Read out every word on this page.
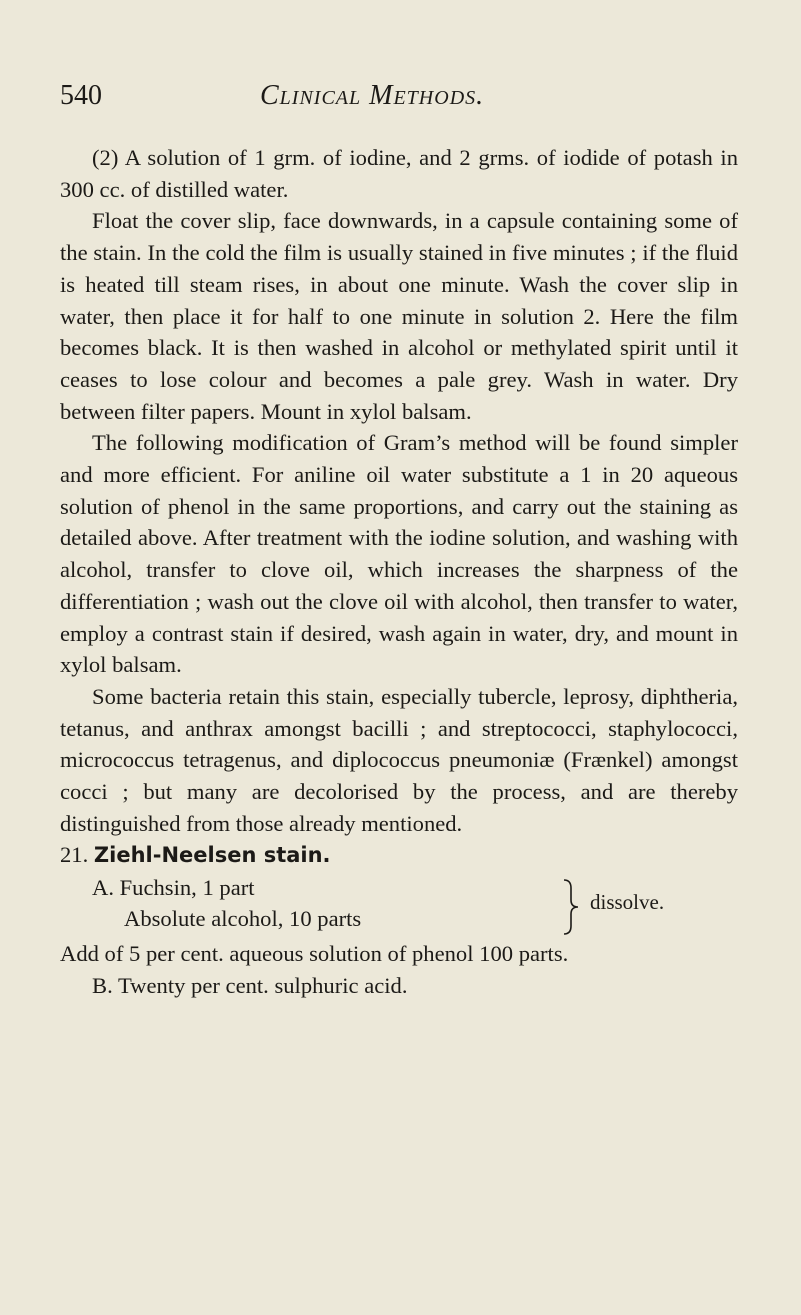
540	Clinical Methods.

(2) A solution of 1 grm. of iodine, and 2 grms. of iodide of potash in 300 cc. of distilled water.

Float the cover slip, face downwards, in a capsule containing some of the stain. In the cold the film is usually stained in five minutes ; if the fluid is heated till steam rises, in about one minute. Wash the cover slip in water, then place it for half to one minute in solution 2. Here the film becomes black. It is then washed in alcohol or methylated spirit until it ceases to lose colour and becomes a pale grey. Wash in water. Dry between filter papers. Mount in xylol balsam.

The following modification of Gram’s method will be found simpler and more efficient. For aniline oil water substitute a 1 in 20 aqueous solution of phenol in the same proportions, and carry out the staining as detailed above. After treatment with the iodine solution, and washing with alcohol, transfer to clove oil, which increases the sharpness of the differentiation ; wash out the clove oil with alcohol, then transfer to water, employ a contrast stain if desired, wash again in water, dry, and mount in xylol balsam.

Some bacteria retain this stain, especially tubercle, leprosy, diphtheria, tetanus, and anthrax amongst bacilli ; and streptococci, staphylococci, micrococcus tetragenus, and diplococcus pneumoniæ (Frænkel) amongst cocci ; but many are decolorised by the process, and are thereby distinguished from those already mentioned.

21. Ziehl-Neelsen stain.

A. Fuchsin, 1 part
Absolute alcohol, 10 parts
dissolve.

Add of 5 per cent. aqueous solution of phenol 100 parts.

B. Twenty per cent. sulphuric acid.
